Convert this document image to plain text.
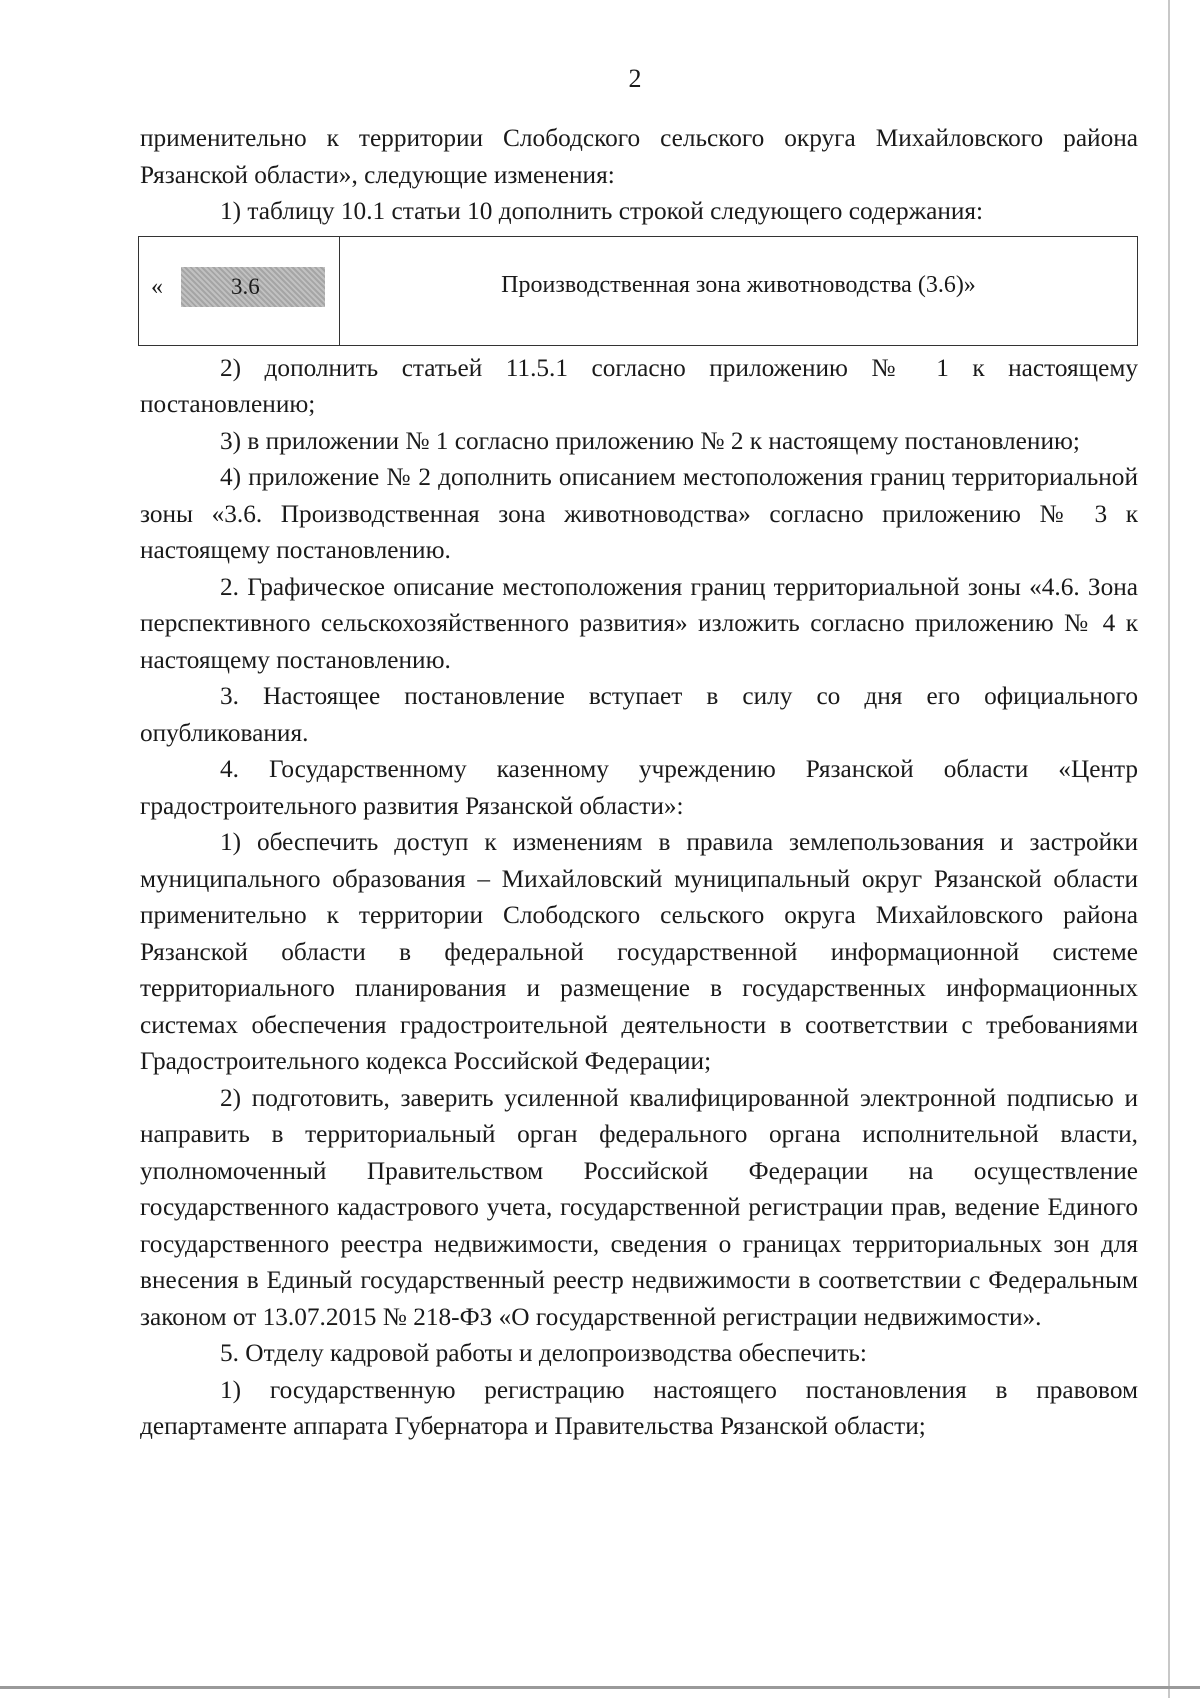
2

применительно к территории Слободского сельского округа Михайловского района Рязанской области», следующие изменения:

1) таблицу 10.1 статьи 10 дополнить строкой следующего содержания:

«	3.6	Производственная зона животноводства (3.6)»

2) дополнить статьей 11.5.1 согласно приложению № 1 к настоящему постановлению;

3) в приложении № 1 согласно приложению № 2 к настоящему постановлению;

4) приложение № 2 дополнить описанием местоположения границ территориальной зоны «3.6. Производственная зона животноводства» согласно приложению № 3 к настоящему постановлению.

2. Графическое описание местоположения границ территориальной зоны «4.6. Зона перспективного сельскохозяйственного развития» изложить согласно приложению № 4 к настоящему постановлению.

3. Настоящее постановление вступает в силу со дня его официального опубликования.

4. Государственному казенному учреждению Рязанской области «Центр градостроительного развития Рязанской области»:

1) обеспечить доступ к изменениям в правила землепользования и застройки муниципального образования – Михайловский муниципальный округ Рязанской области применительно к территории Слободского сельского округа Михайловского района Рязанской области в федеральной государственной информационной системе территориального планирования и размещение в государственных информационных системах обеспечения градостроительной деятельности в соответствии с требованиями Градостроительного кодекса Российской Федерации;

2) подготовить, заверить усиленной квалифицированной электронной подписью и направить в территориальный орган федерального органа исполнительной власти, уполномоченный Правительством Российской Федерации на осуществление государственного кадастрового учета, государственной регистрации прав, ведение Единого государственного реестра недвижимости, сведения о границах территориальных зон для внесения в Единый государственный реестр недвижимости в соответствии с Федеральным законом от 13.07.2015 № 218-ФЗ «О государственной регистрации недвижимости».

5. Отделу кадровой работы и делопроизводства обеспечить:

1) государственную регистрацию настоящего постановления в правовом департаменте аппарата Губернатора и Правительства Рязанской области;
